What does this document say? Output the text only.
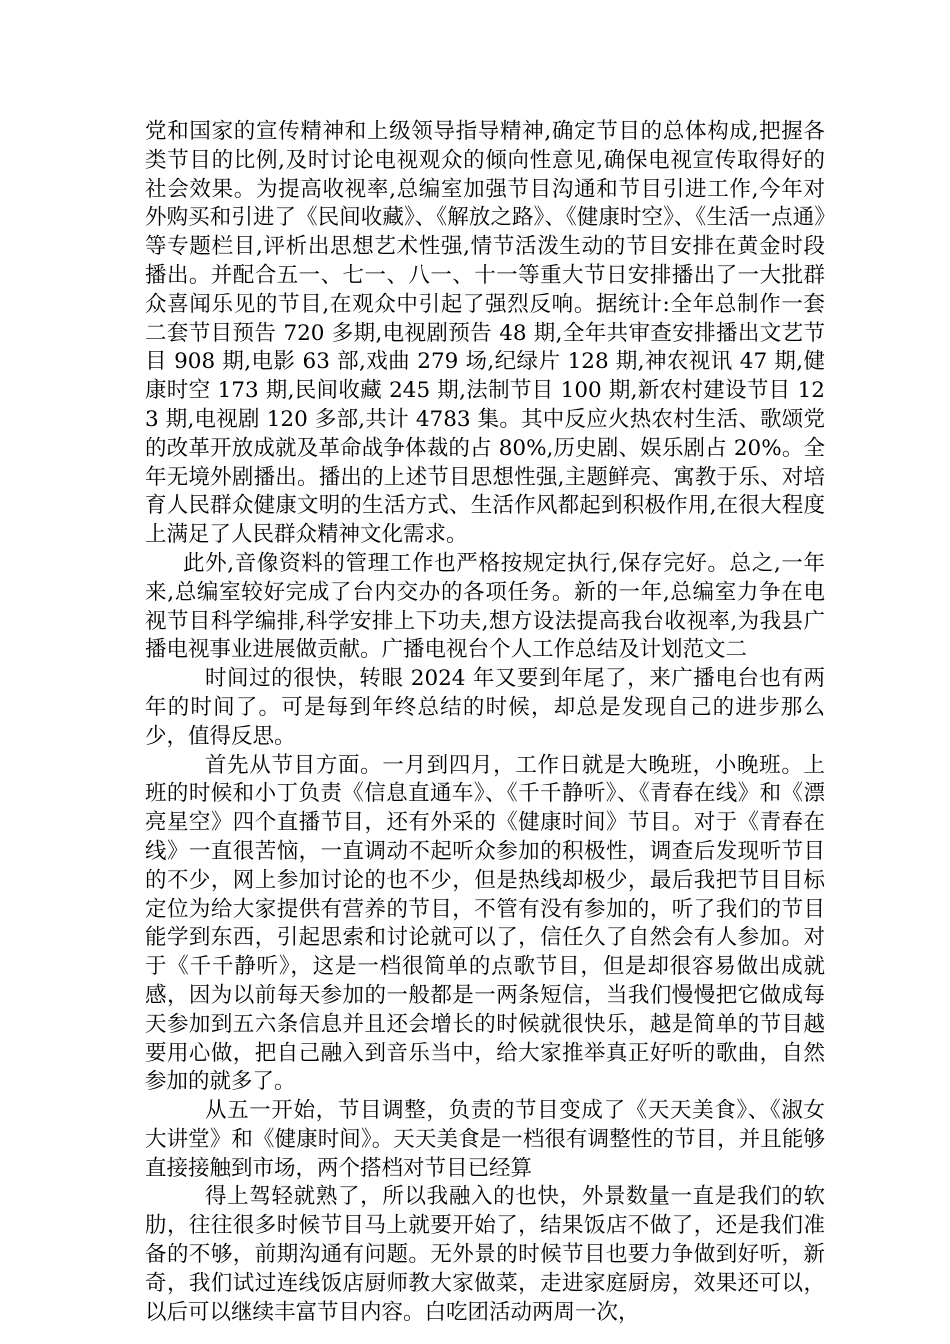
党和国家的宣传精神和上级领导指导精神,确定节目的总体构成,把握各类节目的比例,及时讨论电视观众的倾向性意见,确保电视宣传取得好的社会效果。为提高收视率,总编室加强节目沟通和节目引进工作,今年对外购买和引进了《民间收藏》、《解放之路》、《健康时空》、《生活一点通》等专题栏目,评析出思想艺术性强,情节活泼生动的节目安排在黄金时段播出。并配合五一、七一、八一、十一等重大节日安排播出了一大批群众喜闻乐见的节目,在观众中引起了强烈反响。据统计:全年总制作一套二套节目预告 720 多期,电视剧预告 48 期,全年共审查安排播出文艺节目 908 期,电影 63 部,戏曲 279 场,纪绿片 128 期,神农视讯 47 期,健康时空 173 期,民间收藏 245 期,法制节目 100 期,新农村建设节目 123 期,电视剧 120 多部,共计 4783 集。其中反应火热农村生活、歌颂党的改革开放成就及革命战争体裁的占 80%,历史剧、娱乐剧占 20%。全年无境外剧播出。播出的上述节目思想性强,主题鲜亮、寓教于乐、对培育人民群众健康文明的生活方式、生活作风都起到积极作用,在很大程度上满足了人民群众精神文化需求。

此外,音像资料的管理工作也严格按规定执行,保存完好。总之,一年来,总编室较好完成了台内交办的各项任务。新的一年,总编室力争在电视节目科学编排,科学安排上下功夫,想方设法提高我台收视率,为我县广播电视事业进展做贡献。广播电视台个人工作总结及计划范文二

时间过的很快，转眼 2024 年又要到年尾了，来广播电台也有两年的时间了。可是每到年终总结的时候，却总是发现自己的进步那么少，值得反思。

首先从节目方面。一月到四月，工作日就是大晚班，小晚班。上班的时候和小丁负责《信息直通车》、《千千静听》、《青春在线》和《漂亮星空》四个直播节目，还有外采的《健康时间》节目。对于《青春在线》一直很苦恼，一直调动不起听众参加的积极性，调查后发现听节目的不少，网上参加讨论的也不少，但是热线却极少，最后我把节目目标定位为给大家提供有营养的节目，不管有没有参加的，听了我们的节目能学到东西，引起思索和讨论就可以了，信任久了自然会有人参加。对于《千千静听》，这是一档很简单的点歌节目，但是却很容易做出成就感，因为以前每天参加的一般都是一两条短信，当我们慢慢把它做成每天参加到五六条信息并且还会增长的时候就很快乐，越是简单的节目越要用心做，把自己融入到音乐当中，给大家推举真正好听的歌曲，自然参加的就多了。

从五一开始，节目调整，负责的节目变成了《天天美食》、《淑女大讲堂》和《健康时间》。天天美食是一档很有调整性的节目，并且能够直接接触到市场，两个搭档对节目已经算

得上驾轻就熟了，所以我融入的也快，外景数量一直是我们的软肋，往往很多时候节目马上就要开始了，结果饭店不做了，还是我们准备的不够，前期沟通有问题。无外景的时候节目也要力争做到好听，新奇，我们试过连线饭店厨师教大家做菜，走进家庭厨房，效果还可以，以后可以继续丰富节目内容。白吃团活动两周一次，
